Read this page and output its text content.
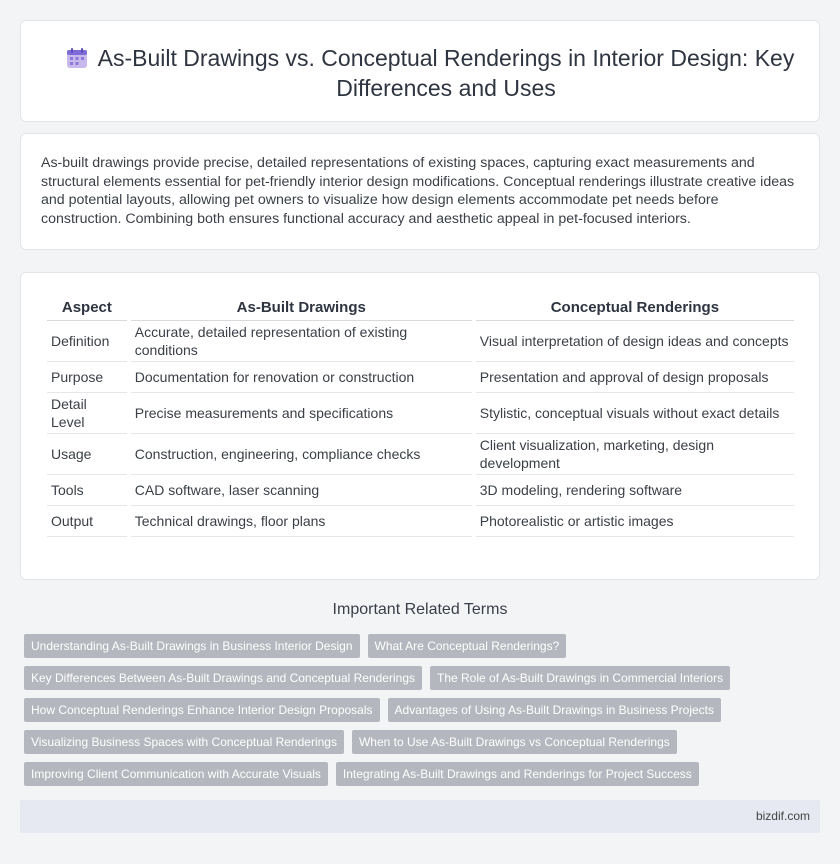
As-Built Drawings vs. Conceptual Renderings in Interior Design: Key Differences and Uses

As-built drawings provide precise, detailed representations of existing spaces, capturing exact measurements and structural elements essential for pet-friendly interior design modifications. Conceptual renderings illustrate creative ideas and potential layouts, allowing pet owners to visualize how design elements accommodate pet needs before construction. Combining both ensures functional accuracy and aesthetic appeal in pet-focused interiors.

Aspect	As-Built Drawings	Conceptual Renderings
Definition	Accurate, detailed representation of existing conditions	Visual interpretation of design ideas and concepts
Purpose	Documentation for renovation or construction	Presentation and approval of design proposals
Detail Level	Precise measurements and specifications	Stylistic, conceptual visuals without exact details
Usage	Construction, engineering, compliance checks	Client visualization, marketing, design development
Tools	CAD software, laser scanning	3D modeling, rendering software
Output	Technical drawings, floor plans	Photorealistic or artistic images
Important Related Terms
Understanding As-Built Drawings in Business Interior Design	What Are Conceptual Renderings?
Key Differences Between As-Built Drawings and Conceptual Renderings	The Role of As-Built Drawings in Commercial Interiors
How Conceptual Renderings Enhance Interior Design Proposals	Advantages of Using As-Built Drawings in Business Projects
Visualizing Business Spaces with Conceptual Renderings	When to Use As-Built Drawings vs Conceptual Renderings
Improving Client Communication with Accurate Visuals	Integrating As-Built Drawings and Renderings for Project Success
bizdif.com
